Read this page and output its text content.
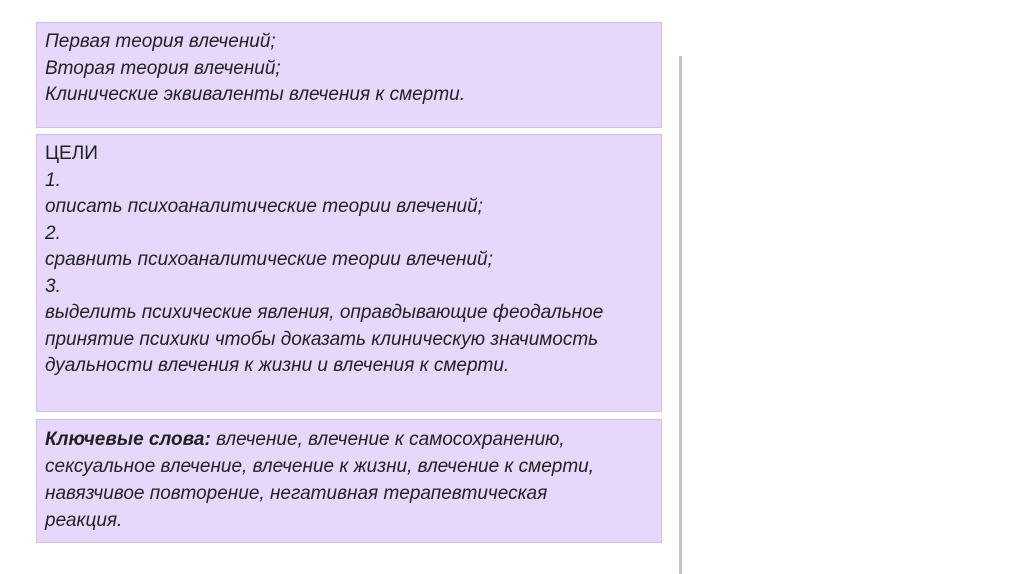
Первая теория влечений;
Вторая теория влечений;
Клинические эквиваленты влечения к смерти.
ЦЕЛИ
1.
описать психоаналитические теории влечений;
2.
сравнить психоаналитические теории влечений;
3.
выделить психические явления, оправдывающие феодальное
принятие психики чтобы доказать клиническую значимость
дуальности влечения к жизни и влечения к смерти.
Ключевые слова: влечение, влечение к самосохранению,
сексуальное влечение, влечение к жизни, влечение к смерти,
навязчивое повторение, негативная терапевтическая
реакция.
